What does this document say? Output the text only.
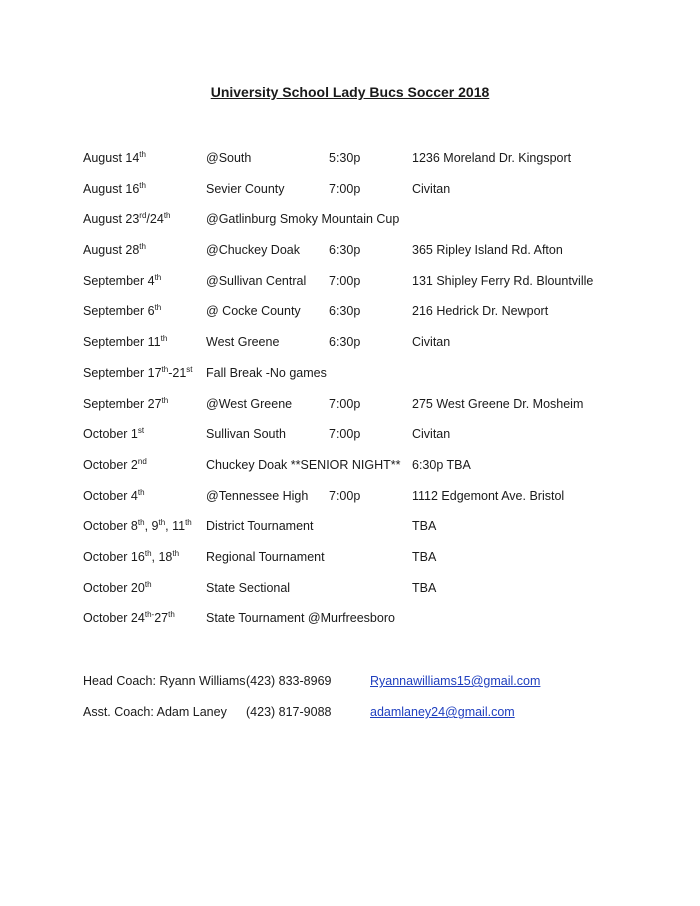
University School Lady Bucs Soccer 2018
August 14th	@South	5:30p	1236 Moreland Dr. Kingsport
August 16th	Sevier County	7:00p	Civitan
August 23rd/24th	@Gatlinburg Smoky Mountain Cup
August 28th	@Chuckey Doak 6:30p	365 Ripley Island Rd. Afton
September 4th	@Sullivan Central 7:00p	131 Shipley Ferry Rd. Blountville
September 6th	@ Cocke County 6:30p	216 Hedrick Dr. Newport
September 11th	West Greene	6:30p	Civitan
September 17th-21st Fall Break -No games
September 27th	@West Greene	7:00p	275 West Greene Dr. Mosheim
October 1st	Sullivan South	7:00p	Civitan
October 2nd	Chuckey Doak **SENIOR NIGHT** 6:30p TBA
October 4th	@Tennessee High 7:00p	1112 Edgemont Ave. Bristol
October 8th, 9th, 11th District Tournament	TBA
October 16th, 18th Regional Tournament	TBA
October 20th	State Sectional	TBA
October $24^{th-}27th$ State Tournament @Murfreesboro
Head Coach: Ryann Williams (423) 833-8969	Ryannawilliams15@gmail.com
Asst. Coach: Adam Laney (423) 817-9088	adamlaney24@gmail.com
